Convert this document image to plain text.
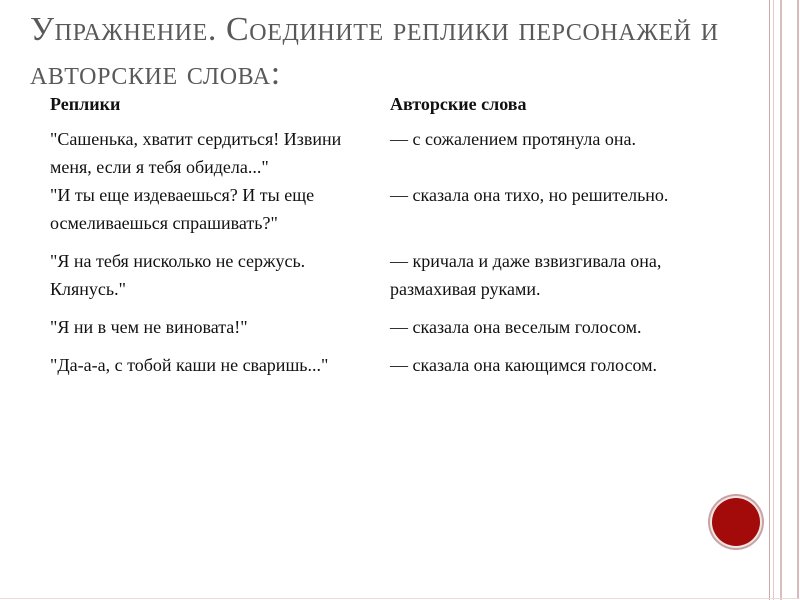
Упражнение. Соедините реплики персонажей и авторские слова:
Реплики	Авторские слова
"Сашенька, хватит сердиться! Извини меня, если я тебя обидела..."	— с сожалением протянула она.
"И ты еще издеваешься? И ты еще осмеливаешься спрашивать?"	— сказала она тихо, но решительно.
"Я на тебя нисколько не сержусь. Клянусь."	— кричала и даже взвизгивала она, размахивая руками.
"Я ни в чем не виновата!"	— сказала она веселым голосом.
"Да-а-а, с тобой каши не сваришь..."	— сказала она кающимся голосом.
